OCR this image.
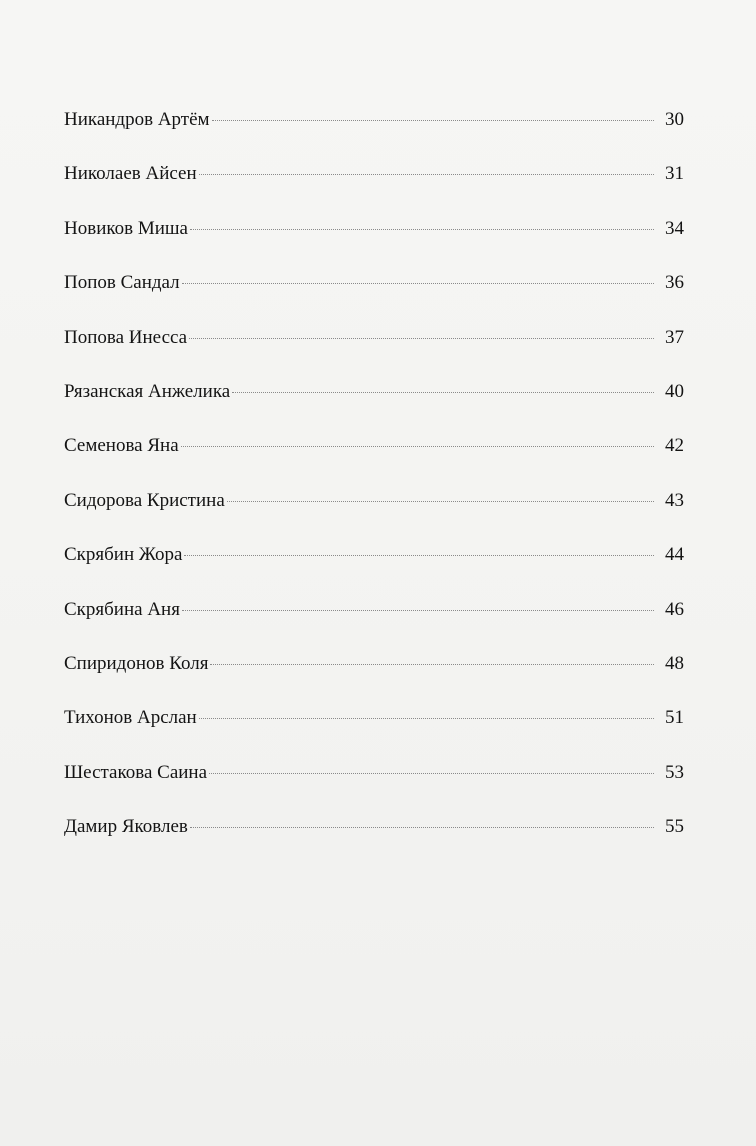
Никандров Артём	30
Николаев Айсен	31
Новиков Миша	34
Попов Сандал	36
Попова Инесса	37
Рязанская Анжелика	40
Семенова Яна	42
Сидорова Кристина	43
Скрябин Жора	44
Скрябина Аня	46
Спиридонов Коля	48
Тихонов Арслан	51
Шестакова Саина	53
Дамир Яковлев	55
